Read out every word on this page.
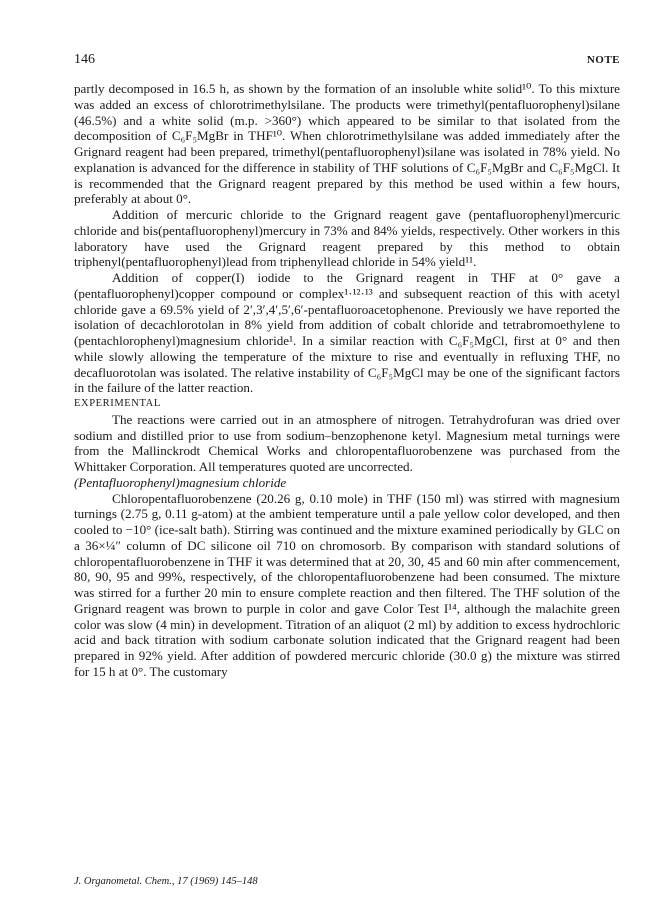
146	NOTE

partly decomposed in 16.5 h, as shown by the formation of an insoluble white solid¹⁰. To this mixture was added an excess of chlorotrimethylsilane. The products were trimethyl(pentafluorophenyl)silane (46.5%) and a white solid (m.p. >360°) which appeared to be similar to that isolated from the decomposition of C₆F₅MgBr in THF¹⁰. When chlorotrimethylsilane was added immediately after the Grignard reagent had been prepared, trimethyl(pentafluorophenyl)silane was isolated in 78% yield. No explanation is advanced for the difference in stability of THF solutions of C₆F₅MgBr and C₆F₅MgCl. It is recommended that the Grignard reagent prepared by this method be used within a few hours, preferably at about 0°.

Addition of mercuric chloride to the Grignard reagent gave (pentafluorophenyl)mercuric chloride and bis(pentafluorophenyl)mercury in 73% and 84% yields, respectively. Other workers in this laboratory have used the Grignard reagent prepared by this method to obtain triphenyl(pentafluorophenyl)lead from triphenyllead chloride in 54% yield¹¹.

Addition of copper(I) iodide to the Grignard reagent in THF at 0° gave a (pentafluorophenyl)copper compound or complex¹·¹²·¹³ and subsequent reaction of this with acetyl chloride gave a 69.5% yield of 2′,3′,4′,5′,6′-pentafluoroacetophenone. Previously we have reported the isolation of decachlorotolan in 8% yield from addition of cobalt chloride and tetrabromoethylene to (pentachlorophenyl)magnesium chloride¹. In a similar reaction with C₆F₅MgCl, first at 0° and then while slowly allowing the temperature of the mixture to rise and eventually in refluxing THF, no decafluorotolan was isolated. The relative instability of C₆F₅MgCl may be one of the significant factors in the failure of the latter reaction.

EXPERIMENTAL

The reactions were carried out in an atmosphere of nitrogen. Tetrahydrofuran was dried over sodium and distilled prior to use from sodium–benzophenone ketyl. Magnesium metal turnings were from the Mallinckrodt Chemical Works and chloropentafluorobenzene was purchased from the Whittaker Corporation. All temperatures quoted are uncorrected.

(Pentafluorophenyl)magnesium chloride

Chloropentafluorobenzene (20.26 g, 0.10 mole) in THF (150 ml) was stirred with magnesium turnings (2.75 g, 0.11 g-atom) at the ambient temperature until a pale yellow color developed, and then cooled to −10° (ice-salt bath). Stirring was continued and the mixture examined periodically by GLC on a 36×¼″ column of DC silicone oil 710 on chromosorb. By comparison with standard solutions of chloropentafluorobenzene in THF it was determined that at 20, 30, 45 and 60 min after commencement, 80, 90, 95 and 99%, respectively, of the chloropentafluorobenzene had been consumed. The mixture was stirred for a further 20 min to ensure complete reaction and then filtered. The THF solution of the Grignard reagent was brown to purple in color and gave Color Test I¹⁴, although the malachite green color was slow (4 min) in development. Titration of an aliquot (2 ml) by addition to excess hydrochloric acid and back titration with sodium carbonate solution indicated that the Grignard reagent had been prepared in 92% yield. After addition of powdered mercuric chloride (30.0 g) the mixture was stirred for 15 h at 0°. The customary

J. Organometal. Chem., 17 (1969) 145–148
